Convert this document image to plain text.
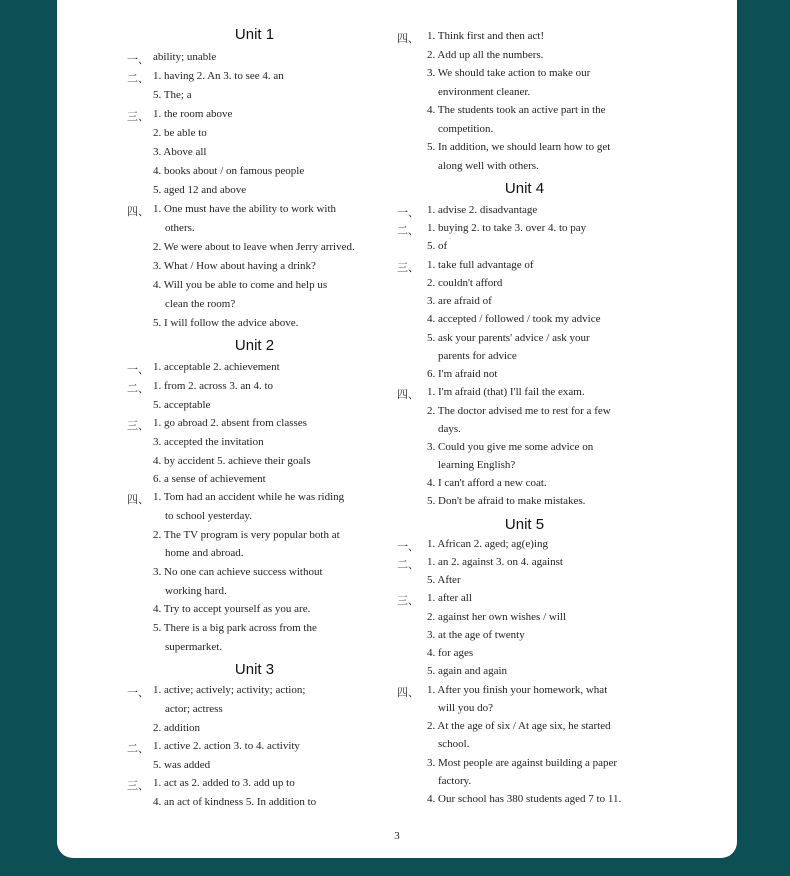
Unit 1
一、 ability; unable
二、 1. having 2. An 3. to see 4. an
5. The; a
三、 1. the room above
2. be able to
3. Above all
4. books about / on famous people
5. aged 12 and above
四、 1. One must have the ability to work with
others.
2. We were about to leave when Jerry arrived.
3. What / How about having a drink?
4. Will you be able to come and help us
clean the room?
5. I will follow the advice above.
Unit 2
一、 1. acceptable 2. achievement
二、 1. from 2. across 3. an 4. to
5. acceptable
三、 1. go abroad 2. absent from classes
3. accepted the invitation
4. by accident 5. achieve their goals
6. a sense of achievement
四、 1. Tom had an accident while he was riding
to school yesterday.
2. The TV program is very popular both at
home and abroad.
3. No one can achieve success without
working hard.
4. Try to accept yourself as you are.
5. There is a big park across from the
supermarket.
Unit 3
一、 1. active; actively; activity; action;
actor; actress
2. addition
二、 1. active 2. action 3. to 4. activity
5. was added
三、 1. act as 2. added to 3. add up to
4. an act of kindness 5. In addition to
四、 1. Think first and then act!
2. Add up all the numbers.
3. We should take action to make our
environment cleaner.
4. The students took an active part in the
competition.
5. In addition, we should learn how to get
along well with others.
Unit 4
一、 1. advise 2. disadvantage
二、 1. buying 2. to take 3. over 4. to pay
5. of
三、 1. take full advantage of
2. couldn't afford
3. are afraid of
4. accepted / followed / took my advice
5. ask your parents' advice / ask your
parents for advice
6. I'm afraid not
四、 1. I'm afraid (that) I'll fail the exam.
2. The doctor advised me to rest for a few
days.
3. Could you give me some advice on
learning English?
4. I can't afford a new coat.
5. Don't be afraid to make mistakes.
Unit 5
一、 1. African 2. aged; ag(e)ing
二、 1. an 2. against 3. on 4. against
5. After
三、 1. after all
2. against her own wishes / will
3. at the age of twenty
4. for ages
5. again and again
四、 1. After you finish your homework, what
will you do?
2. At the age of six / At age six, he started
school.
3. Most people are against building a paper
factory.
4. Our school has 380 students aged 7 to 11.
3
